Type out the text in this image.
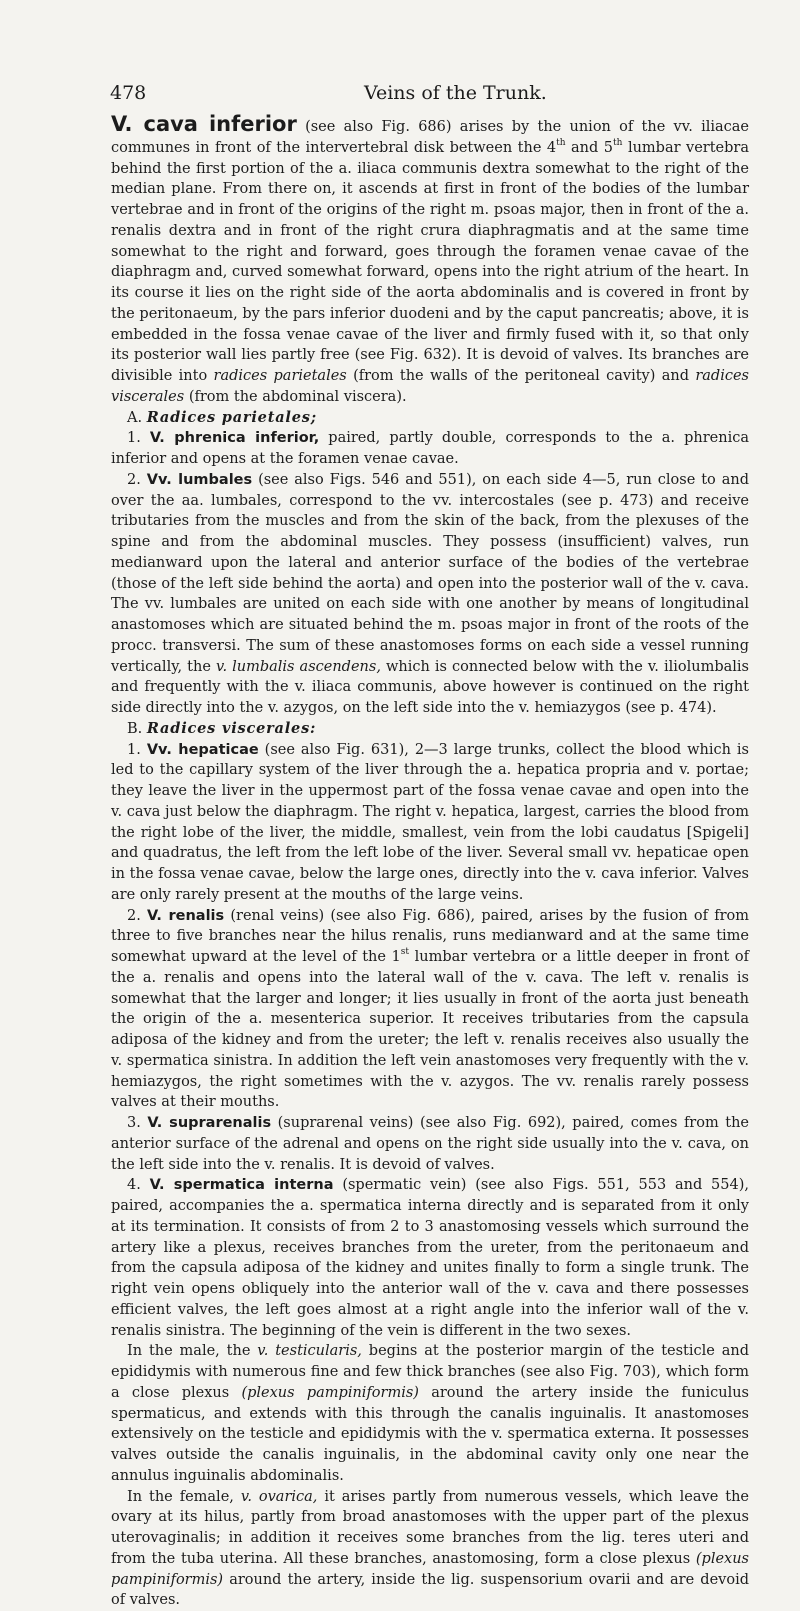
478	Veins of the Trunk.

V. cava inferior (see also Fig. 686) arises by the union of the vv. iliacae communes in front of the intervertebral disk between the 4th and 5th lumbar vertebra behind the first portion of the a. iliaca communis dextra somewhat to the right of the median plane. From there on, it ascends at first in front of the bodies of the lumbar vertebrae and in front of the origins of the right m. psoas major, then in front of the a. renalis dextra and in front of the right crura diaphragmatis and at the same time somewhat to the right and forward, goes through the foramen venae cavae of the diaphragm and, curved somewhat forward, opens into the right atrium of the heart. In its course it lies on the right side of the aorta abdominalis and is covered in front by the peritonaeum, by the pars inferior duodeni and by the caput pancreatis; above, it is embedded in the fossa venae cavae of the liver and firmly fused with it, so that only its posterior wall lies partly free (see Fig. 632). It is devoid of valves. Its branches are divisible into radices parietales (from the walls of the peritoneal cavity) and radices viscerales (from the abdominal viscera).

A. Radices parietales;

1. V. phrenica inferior, paired, partly double, corresponds to the a. phrenica inferior and opens at the foramen venae cavae.

2. Vv. lumbales (see also Figs. 546 and 551), on each side 4—5, run close to and over the aa. lumbales, correspond to the vv. intercostales (see p. 473) and receive tributaries from the muscles and from the skin of the back, from the plexuses of the spine and from the abdominal muscles. They possess (insufficient) valves, run medianward upon the lateral and anterior surface of the bodies of the vertebrae (those of the left side behind the aorta) and open into the posterior wall of the v. cava. The vv. lumbales are united on each side with one another by means of longitudinal anastomoses which are situated behind the m. psoas major in front of the roots of the procc. transversi. The sum of these anastomoses forms on each side a vessel running vertically, the v. lumbalis ascendens, which is connected below with the v. iliolumbalis and frequently with the v. iliaca communis, above however is continued on the right side directly into the v. azygos, on the left side into the v. hemiazygos (see p. 474).

B. Radices viscerales:

1. Vv. hepaticae (see also Fig. 631), 2—3 large trunks, collect the blood which is led to the capillary system of the liver through the a. hepatica propria and v. portae; they leave the liver in the uppermost part of the fossa venae cavae and open into the v. cava just below the diaphragm. The right v. hepatica, largest, carries the blood from the right lobe of the liver, the middle, smallest, vein from the lobi caudatus [Spigeli] and quadratus, the left from the left lobe of the liver. Several small vv. hepaticae open in the fossa venae cavae, below the large ones, directly into the v. cava inferior. Valves are only rarely present at the mouths of the large veins.

2. V. renalis (renal veins) (see also Fig. 686), paired, arises by the fusion of from three to five branches near the hilus renalis, runs medianward and at the same time somewhat upward at the level of the 1st lumbar vertebra or a little deeper in front of the a. renalis and opens into the lateral wall of the v. cava. The left v. renalis is somewhat that the larger and longer; it lies usually in front of the aorta just beneath the origin of the a. mesenterica superior. It receives tributaries from the capsula adiposa of the kidney and from the ureter; the left v. renalis receives also usually the v. spermatica sinistra. In addition the left vein anastomoses very frequently with the v. hemiazygos, the right sometimes with the v. azygos. The vv. renalis rarely possess valves at their mouths.

3. V. suprarenalis (suprarenal veins) (see also Fig. 692), paired, comes from the anterior surface of the adrenal and opens on the right side usually into the v. cava, on the left side into the v. renalis. It is devoid of valves.

4. V. spermatica interna (spermatic vein) (see also Figs. 551, 553 and 554), paired, accompanies the a. spermatica interna directly and is separated from it only at its termination. It consists of from 2 to 3 anastomosing vessels which surround the artery like a plexus, receives branches from the ureter, from the peritonaeum and from the capsula adiposa of the kidney and unites finally to form a single trunk. The right vein opens obliquely into the anterior wall of the v. cava and there possesses efficient valves, the left goes almost at a right angle into the inferior wall of the v. renalis sinistra. The beginning of the vein is different in the two sexes.

In the male, the v. testicularis, begins at the posterior margin of the testicle and epididymis with numerous fine and few thick branches (see also Fig. 703), which form a close plexus (plexus pampiniformis) around the artery inside the funiculus spermaticus, and extends with this through the canalis inguinalis. It anastomoses extensively on the testicle and epididymis with the v. spermatica externa. It possesses valves outside the canalis inguinalis, in the abdominal cavity only one near the annulus inguinalis abdominalis.

In the female, v. ovarica, it arises partly from numerous vessels, which leave the ovary at its hilus, partly from broad anastomoses with the upper part of the plexus uterovaginalis; in addition it receives some branches from the lig. teres uteri and from the tuba uterina. All these branches, anastomosing, form a close plexus (plexus pampiniformis) around the artery, inside the lig. suspensorium ovarii and are devoid of valves.
